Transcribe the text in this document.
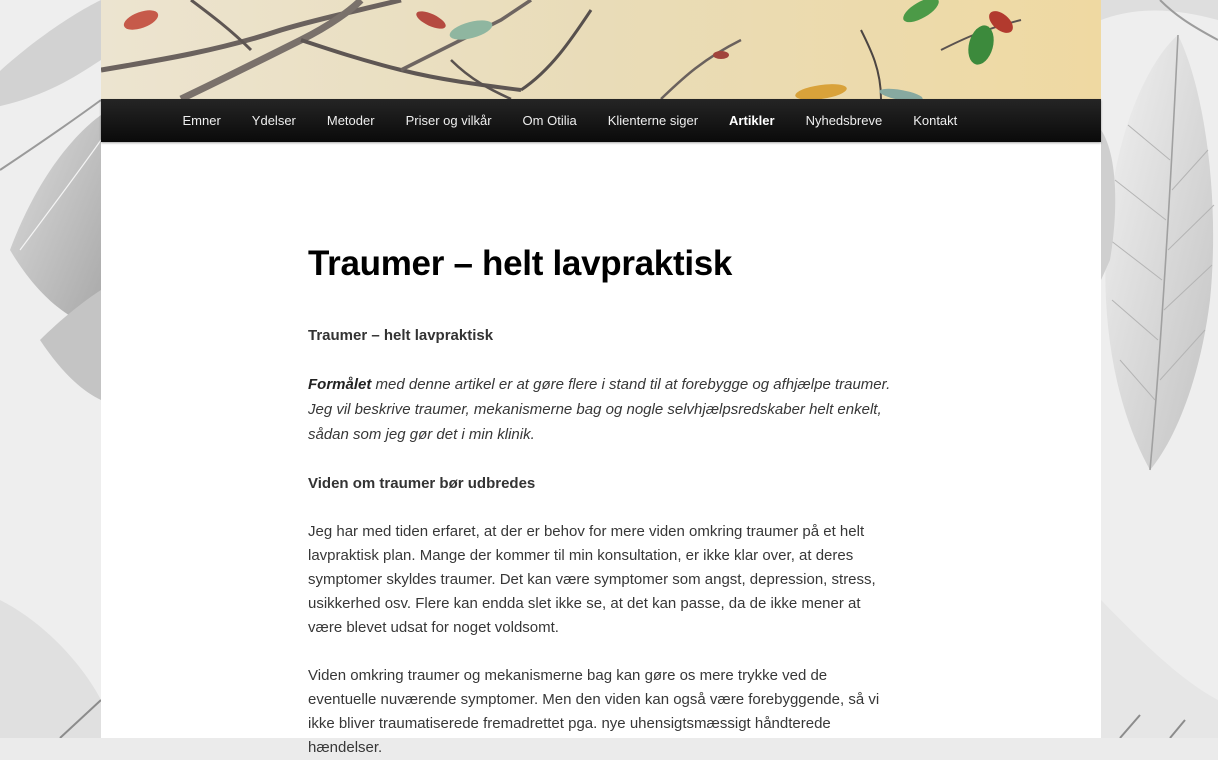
Emner	Ydelser	Metoder	Priser og vilkår	Om Otilia	Klienterne siger	Artikler	Nyhedsbreve	Kontakt
Traumer – helt lavpraktisk

Traumer – helt lavpraktisk

Formålet med denne artikel er at gøre flere i stand til at forebygge og afhjælpe traumer. Jeg vil beskrive traumer, mekanismerne bag og nogle selvhjælpsredskaber helt enkelt, sådan som jeg gør det i min klinik.

Viden om traumer bør udbredes

Jeg har med tiden erfaret, at der er behov for mere viden omkring traumer på et helt lavpraktisk plan. Mange der kommer til min konsultation, er ikke klar over, at deres symptomer skyldes traumer. Det kan være symptomer som angst, depression, stress, usikkerhed osv. Flere kan endda slet ikke se, at det kan passe, da de ikke mener at være blevet udsat for noget voldsomt.

Viden omkring traumer og mekanismerne bag kan gøre os mere trykke ved de eventuelle nuværende symptomer. Men den viden kan også være forebyggende, så vi ikke bliver traumatiserede fremadrettet pga. nye uhensigtsmæssigt håndterede hændelser.
